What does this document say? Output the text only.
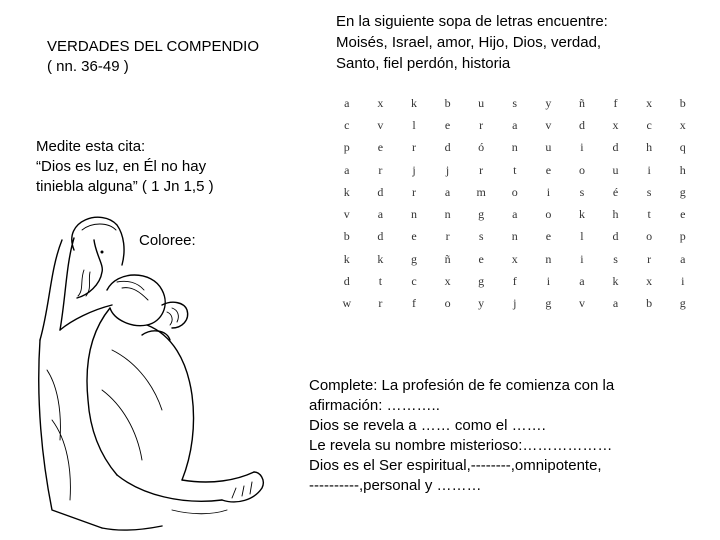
VERDADES DEL COMPENDIO
( nn. 36-49 )
En la siguiente sopa de letras encuentre:
Moisés, Israel, amor, Hijo, Dios, verdad,
Santo, fiel perdón, historia
a	x	k	b	u	s	y	ñ	f	x	b
c	v	l	e	r	a	v	d	x	c	x
p	e	r	d	ó	n	u	i	d	h	q
a	r	j	j	r	t	e	o	u	i	h
k	d	r	a	m	o	i	s	é	s	g
v	a	n	n	g	a	o	k	h	t	e
b	d	e	r	s	n	e	l	d	o	p
k	k	g	ñ	e	x	n	i	s	r	a
d	t	c	x	g	f	i	a	k	x	i
w	r	f	o	y	j	g	v	a	b	g
Medite esta cita:
“Dios es luz, en Él no hay
tiniebla alguna” ( 1 Jn 1,5 )
Coloree:
Complete: La profesión de fe comienza con la
afirmación: ………..
Dios se revela a …… como el …….
Le revela su nombre misterioso:………………
Dios es el Ser espiritual,--------,omnipotente,
----------,personal y ………
